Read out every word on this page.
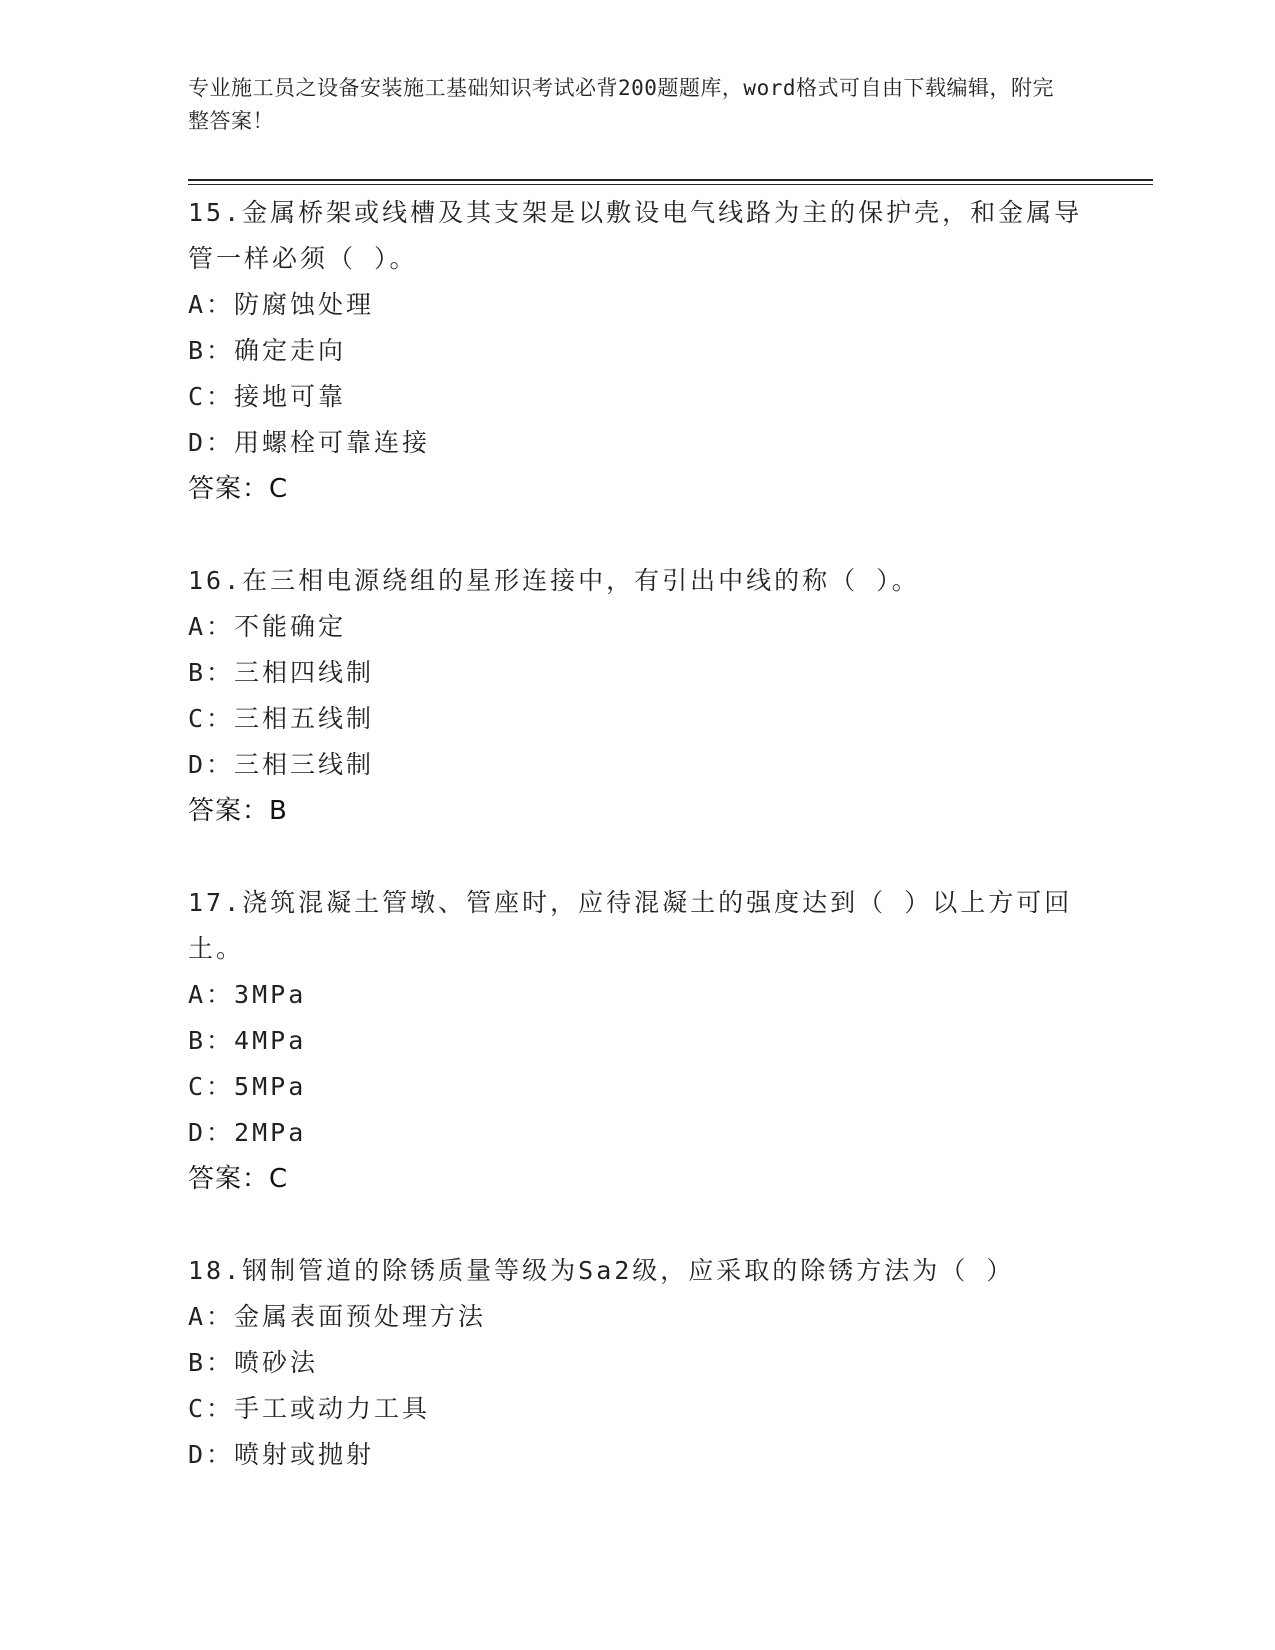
专业施工员之设备安装施工基础知识考试必背200题题库，word格式可自由下载编辑，附完整答案！

15.金属桥架或线槽及其支架是以敷设电气线路为主的保护壳，和金属导管一样必须（ ）。

A：防腐蚀处理

B：确定走向

C：接地可靠

D：用螺栓可靠连接

答案：C

16.在三相电源绕组的星形连接中，有引出中线的称（ ）。

A：不能确定

B：三相四线制

C：三相五线制

D：三相三线制

答案：B

17.浇筑混凝土管墩、管座时，应待混凝土的强度达到（ ）以上方可回土。

A：3MPa

B：4MPa

C：5MPa

D：2MPa

答案：C

18.钢制管道的除锈质量等级为Sa2级，应采取的除锈方法为（ ）

A：金属表面预处理方法

B：喷砂法

C：手工或动力工具

D：喷射或抛射
